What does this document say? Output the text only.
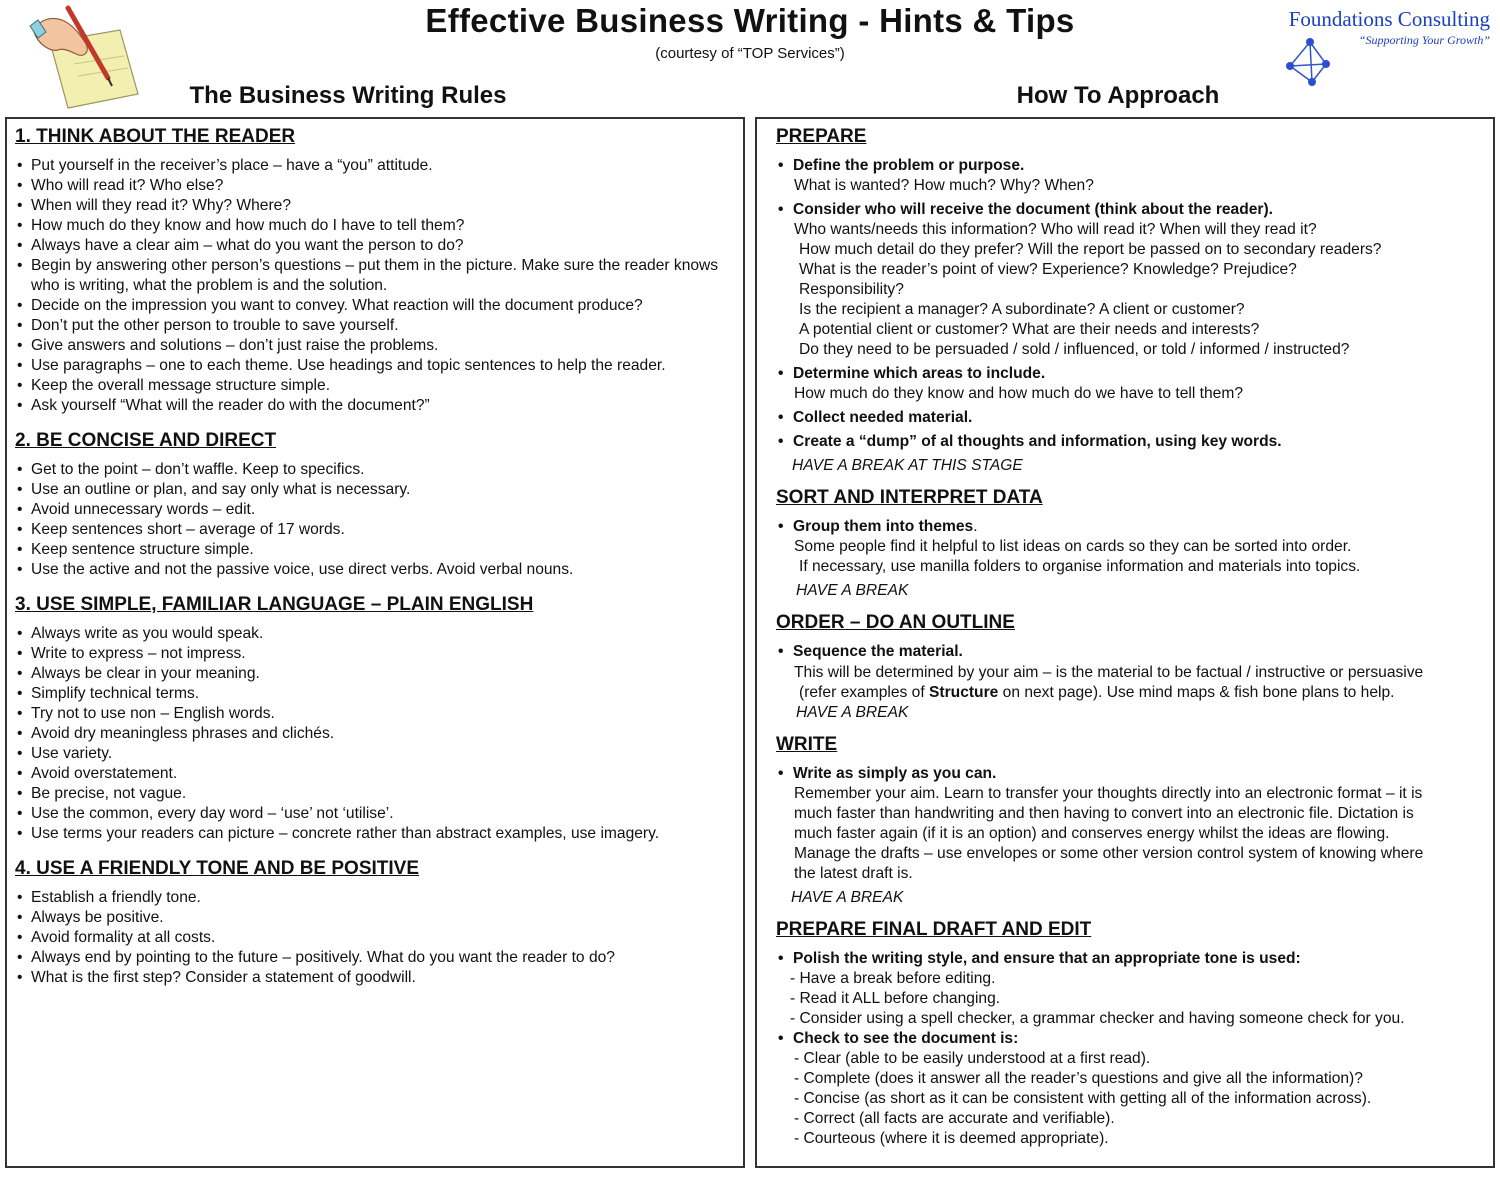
Effective Business Writing - Hints & Tips
(courtesy of “TOP Services”)
Foundations Consulting
“Supporting Your Growth”
The Business Writing Rules	How To Approach
1. THINK ABOUT THE READER
• Put yourself in the receiver’s place – have a “you” attitude.
• Who will read it? Who else?
• When will they read it? Why? Where?
• How much do they know and how much do I have to tell them?
• Always have a clear aim – what do you want the person to do?
• Begin by answering other person’s questions – put them in the picture. Make sure the reader knows who is writing, what the problem is and the solution.
• Decide on the impression you want to convey. What reaction will the document produce?
• Don’t put the other person to trouble to save yourself.
• Give answers and solutions – don’t just raise the problems.
• Use paragraphs – one to each theme. Use headings and topic sentences to help the reader.
• Keep the overall message structure simple.
• Ask yourself “What will the reader do with the document?”
2. BE CONCISE AND DIRECT
• Get to the point – don’t waffle. Keep to specifics.
• Use an outline or plan, and say only what is necessary.
• Avoid unnecessary words – edit.
• Keep sentences short – average of 17 words.
• Keep sentence structure simple.
• Use the active and not the passive voice, use direct verbs. Avoid verbal nouns.
3. USE SIMPLE, FAMILIAR LANGUAGE – PLAIN ENGLISH
• Always write as you would speak.
• Write to express – not impress.
• Always be clear in your meaning.
• Simplify technical terms.
• Try not to use non – English words.
• Avoid dry meaningless phrases and clichés.
• Use variety.
• Avoid overstatement.
• Be precise, not vague.
• Use the common, every day word – ‘use’ not ‘utilise’.
• Use terms your readers can picture – concrete rather than abstract examples, use imagery.
4. USE A FRIENDLY TONE AND BE POSITIVE
• Establish a friendly tone.
• Always be positive.
• Avoid formality at all costs.
• Always end by pointing to the future – positively. What do you want the reader to do?
• What is the first step? Consider a statement of goodwill.
PREPARE
• Define the problem or purpose.
What is wanted? How much? Why? When?
• Consider who will receive the document (think about the reader).
Who wants/needs this information? Who will read it? When will they read it?
How much detail do they prefer? Will the report be passed on to secondary readers?
What is the reader’s point of view? Experience? Knowledge? Prejudice?
Responsibility?
Is the recipient a manager? A subordinate? A client or customer?
A potential client or customer? What are their needs and interests?
Do they need to be persuaded / sold / influenced, or told / informed / instructed?
• Determine which areas to include.
How much do they know and how much do we have to tell them?
• Collect needed material.
• Create a “dump” of al thoughts and information, using key words.
HAVE A BREAK AT THIS STAGE
SORT AND INTERPRET DATA
• Group them into themes.
Some people find it helpful to list ideas on cards so they can be sorted into order.
If necessary, use manilla folders to organise information and materials into topics.
HAVE A BREAK
ORDER – DO AN OUTLINE
• Sequence the material.
This will be determined by your aim – is the material to be factual / instructive or persuasive
(refer examples of Structure on next page). Use mind maps & fish bone plans to help.
HAVE A BREAK
WRITE
• Write as simply as you can.
Remember your aim. Learn to transfer your thoughts directly into an electronic format – it is
much faster than handwriting and then having to convert into an electronic file. Dictation is
much faster again (if it is an option) and conserves energy whilst the ideas are flowing.
Manage the drafts – use envelopes or some other version control system of knowing where
the latest draft is.
HAVE A BREAK
PREPARE FINAL DRAFT AND EDIT
• Polish the writing style, and ensure that an appropriate tone is used:
- Have a break before editing.
- Read it ALL before changing.
- Consider using a spell checker, a grammar checker and having someone check for you.
• Check to see the document is:
- Clear (able to be easily understood at a first read).
- Complete (does it answer all the reader’s questions and give all the information)?
- Concise (as short as it can be consistent with getting all of the information across).
- Correct (all facts are accurate and verifiable).
- Courteous (where it is deemed appropriate).
